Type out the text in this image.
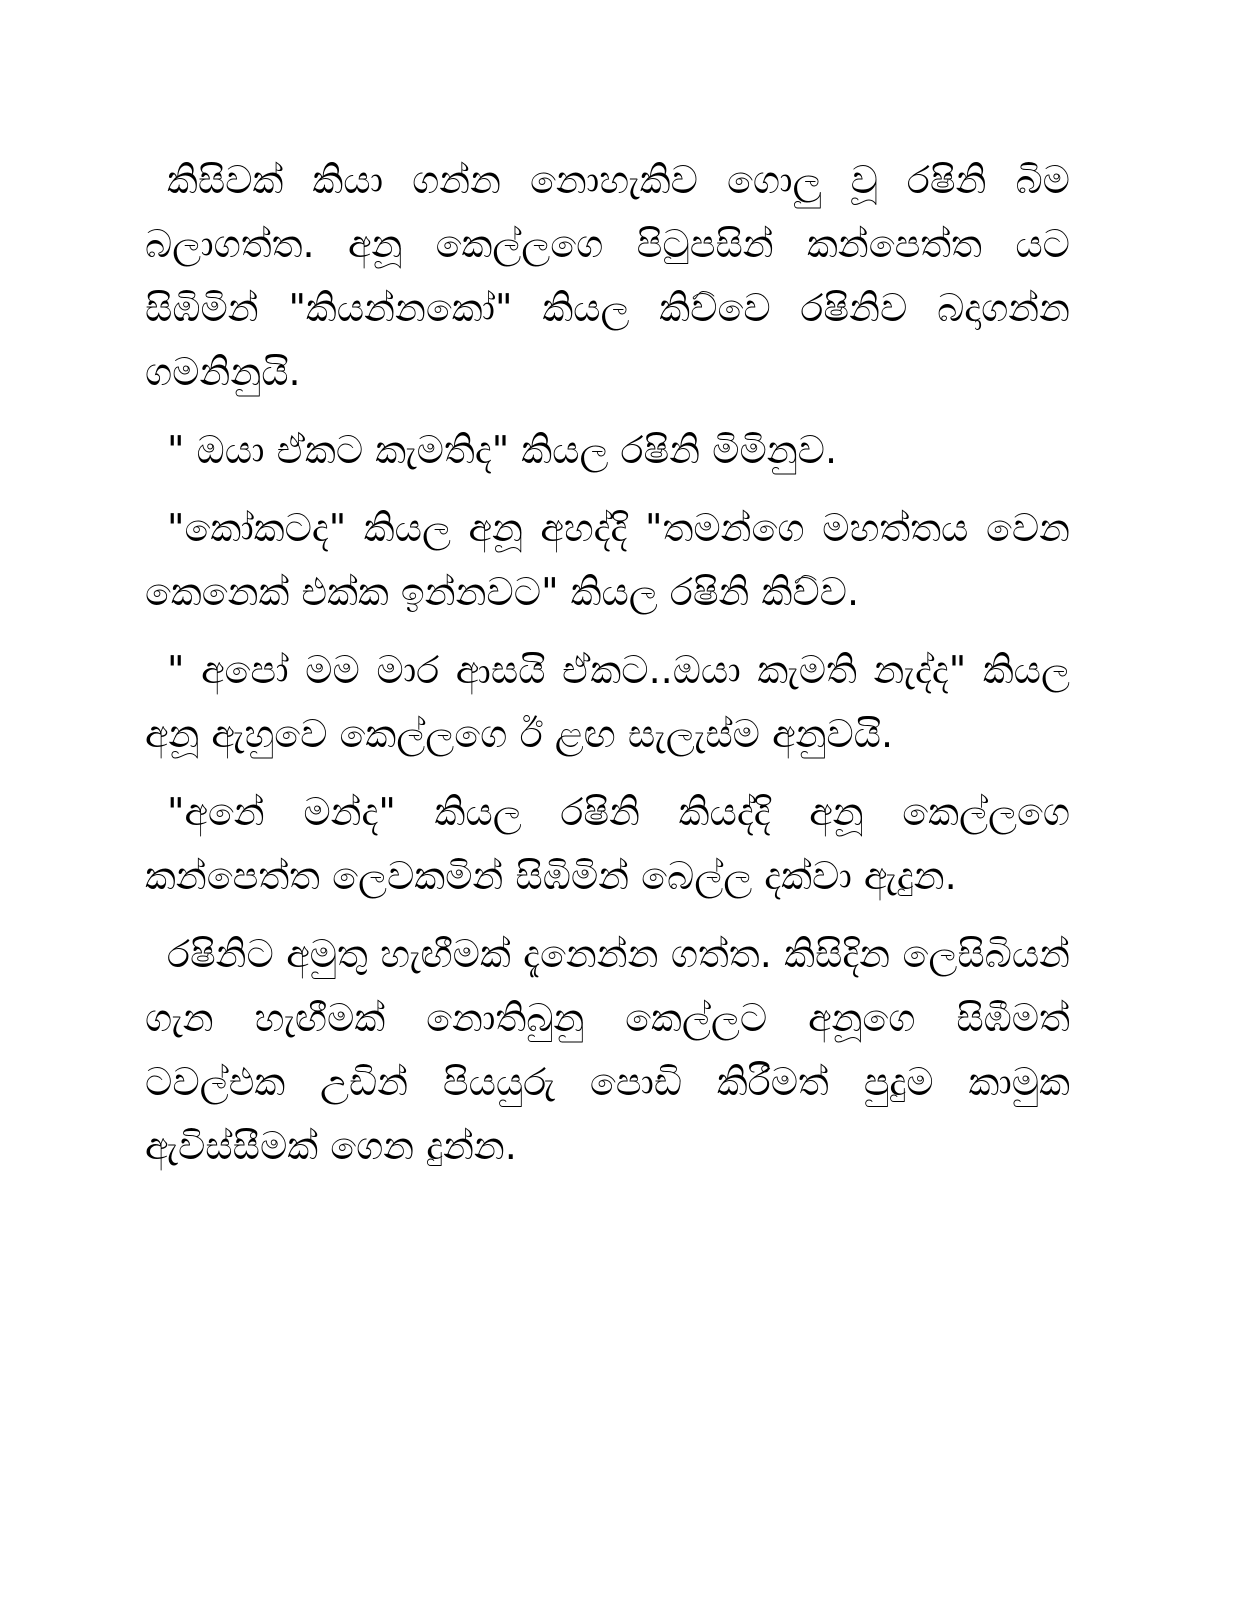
කිසිවක් කියා ගන්න නොහැකිව ගොලු වූ රෂිනි බිම බලාගත්ත. අනූ කෙල්ලගෙ පිටුපසින් කන්පෙත්ත යට සිඹිමින් "කියන්නකෝ" කියල කිව්වෙ රෂිනිව බදාගන්න ගමනිනුයි.

" ඔයා ඒකට කැමතිද" කියල රෂිනි මිමිනුව.

"කෝකටද" කියල අනූ අහද්දි "තමන්ගෙ මහත්තය වෙන කෙනෙක් එක්ක ඉන්නවට" කියල රෂිනි කිව්ව.

" අපෝ මම මාර ආසයි ඒකට..ඔයා කැමති නැද්ද" කියල අනූ ඇහුවෙ කෙල්ලගෙ ඊ ළඟ සැලැස්ම අනුවයි.

"අනේ මන්ද" කියල රෂිනි කියද්දි අනූ කෙල්ලගෙ කන්පෙත්ත ලෙවකමින් සිඹිමින් බෙල්ල දක්වා ඇදුන.

රෂිනිට අමුතු හැඟීමක් දැනෙන්න ගත්ත. කිසිදින ලෙසිබියන් ගැන හැඟීමක් නොතිබුනු කෙල්ලට අනූගෙ සිඹීමත් ටවල්එක උඩින් පියයුරු පොඩි කිරීමත් පුදුම කාමුක ඇවිස්සීමක් ගෙන දුන්න.
